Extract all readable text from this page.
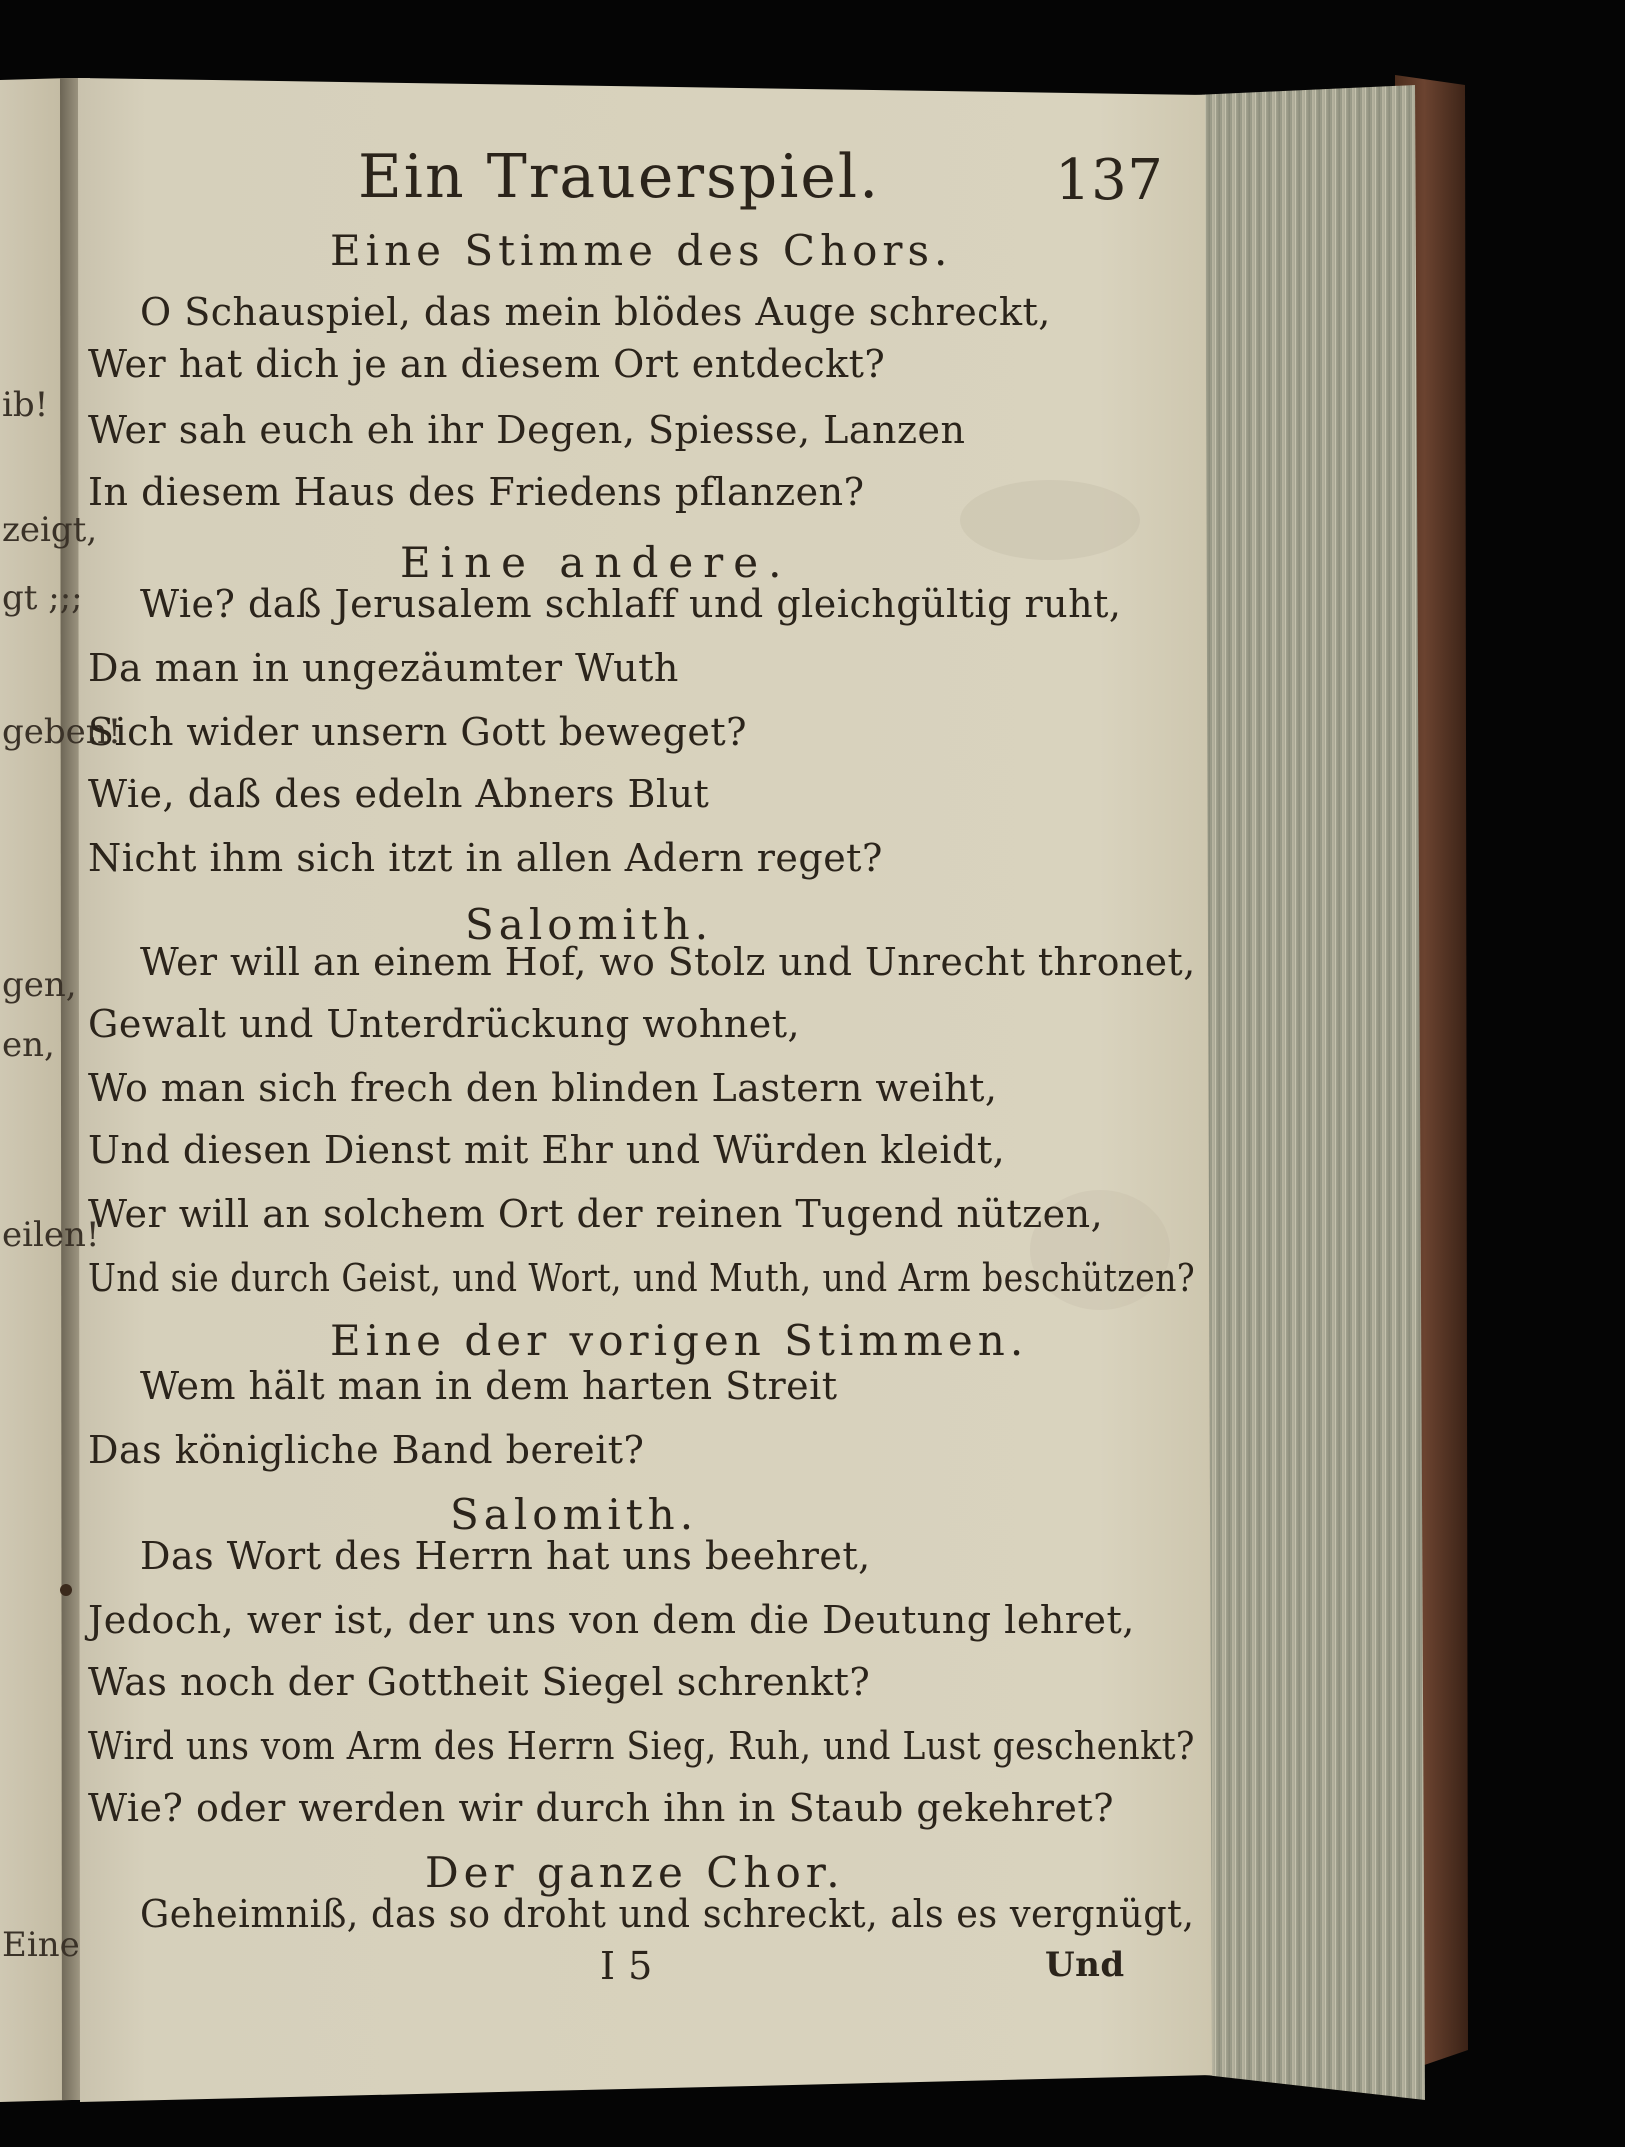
ib!
zeigt,
gt ;;;
geben!
gen,
en,
eilen!
Eine
Ein Trauerspiel.	137
Eine Stimme des Chors.
O Schauspiel, das mein blödes Auge schreckt,
Wer hat dich je an diesem Ort entdeckt?
Wer sah euch eh ihr Degen, Spiesse, Lanzen
In diesem Haus des Friedens pflanzen?
Eine andere.
Wie? daß Jerusalem schlaff und gleichgültig ruht,
Da man in ungezäumter Wuth
Sich wider unsern Gott beweget?
Wie, daß des edeln Abners Blut
Nicht ihm sich itzt in allen Adern reget?
Salomith.
Wer will an einem Hof, wo Stolz und Unrecht thronet,
Gewalt und Unterdrückung wohnet,
Wo man sich frech den blinden Lastern weiht,
Und diesen Dienst mit Ehr und Würden kleidt,
Wer will an solchem Ort der reinen Tugend nützen,
Und sie durch Geist, und Wort, und Muth, und Arm beschützen?
Eine der vorigen Stimmen.
Wem hält man in dem harten Streit
Das königliche Band bereit?
Salomith.
Das Wort des Herrn hat uns beehret,
Jedoch, wer ist, der uns von dem die Deutung lehret,
Was noch der Gottheit Siegel schrenkt?
Wird uns vom Arm des Herrn Sieg, Ruh, und Lust geschenkt?
Wie? oder werden wir durch ihn in Staub gekehret?
Der ganze Chor.
Geheimniß, das so droht und schreckt, als es vergnügt,
I 5	Und
